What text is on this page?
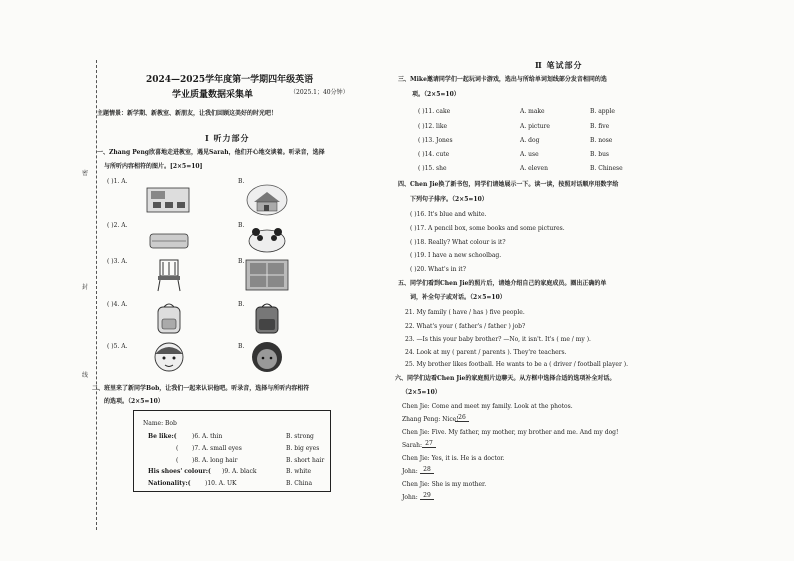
密
封
线
2024—2025学年度第一学期四年级英语
学业质量数据采集单	（2025.1；40分钟）
主题情景：新学期、新教室、新朋友，让我们回顾这美好的时光吧！
Ⅰ 听力部分
一、Zhang Peng欣喜地走进教室，遇见Sarah，他们开心地交谈着。听录音，选择
与所听内容相符的图片。[2×5=10]
( )1. A.	B.
( )2. A.	B.
( )3. A.	B.
( )4. A.	B.
( )5. A.	B.
二、班里来了新同学Bob，让我们一起来认识他吧。听录音，选择与所听内容相符
的选项。（2×5=10）
Name: Bob
Be like:(	)6. A. thin	B. strong
( )7. A. small eyes	B. big eyes
( )8. A. long hair	B. short hair
His shoes' colour:( )9. A. black	B. white
Nationality:( )10. A. UK	B. China
Ⅱ 笔试部分
三、Mike邀请同学们一起玩词卡游戏，选出与所给单词划线部分发音相同的选
项。（2×5=10）
( )11. cake	A. make	B. apple
( )12. like	A. picture	B. five
( )13. Jones	A. dog	B. nose
( )14. cute	A. use	B. bus
( )15. she	A. eleven	B. Chinese
四、Chen Jie换了新书包，同学们请她展示一下。读一读，按照对话顺序用数字给
下列句子排序。（2×5=10）
( )16. It's blue and white.
( )17. A pencil box, some books and some pictures.
( )18. Really? What colour is it?
( )19. I have a new schoolbag.
( )20. What's in it?
五、同学们看到Chen Jie的照片后，请她介绍自己的家庭成员。圈出正确的单
词，补全句子或对话。（2×5=10）
21. My family ( have / has ) five people.
22. What's your ( father's / father ) job?
23. —Is this your baby brother? —No, it isn't. It's ( me / my ).
24. Look at my ( parent / parents ). They're teachers.
25. My brother likes football. He wants to be a ( driver / football player ).
六、同学们边看Chen Jie的家庭照片边聊天。从方框中选择合适的选项补全对话。
（2×5=10）
Chen Jie: Come and meet my family. Look at the photos.
Zhang Peng: Nice! 26
Chen Jie: Five. My father, my mother, my brother and me. And my dog!
Sarah: 27
Chen Jie: Yes, it is. He is a doctor.
John: 28
Chen Jie: She is my mother.
John: 29
